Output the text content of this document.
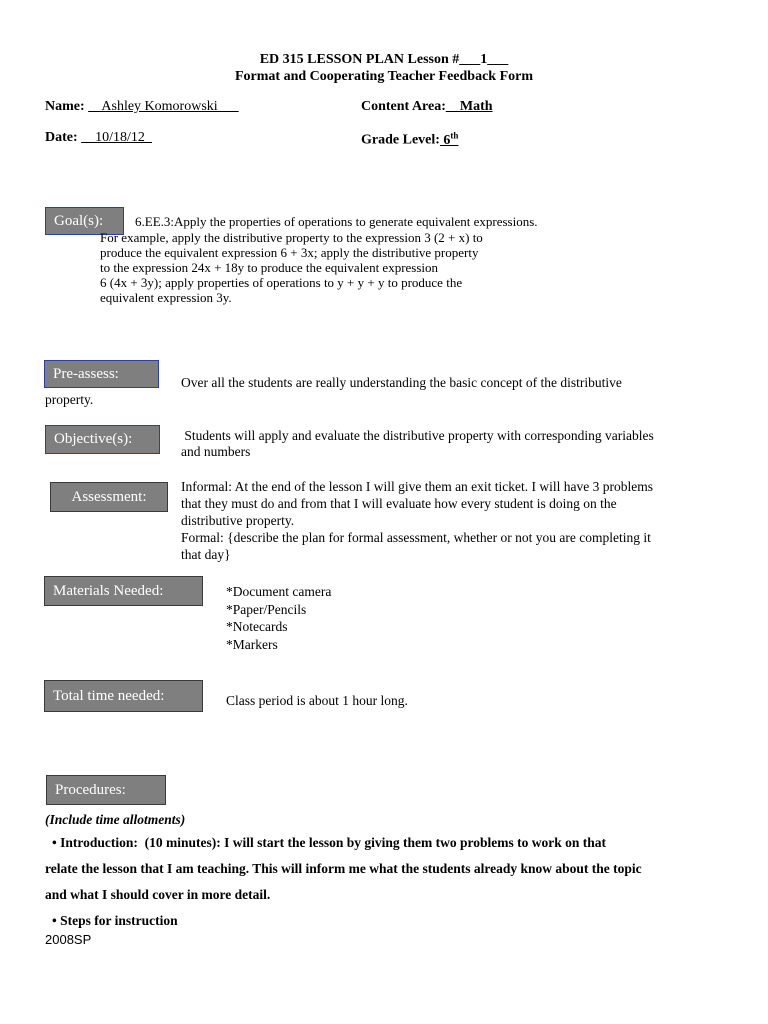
ED 315 LESSON PLAN Lesson #___1___
Format and Cooperating Teacher Feedback Form
Name:     Ashley Komorowski	Content Area:__Math
Date:     10/18/12	Grade Level: 6th
Goal(s): 6.EE.3:Apply the properties of operations to generate equivalent expressions.
For example, apply the distributive property to the expression 3 (2 + x) to
produce the equivalent expression 6 + 3x; apply the distributive property
to the expression 24x + 18y to produce the equivalent expression
6 (4x + 3y); apply properties of operations to y + y + y to produce the
equivalent expression 3y.
Pre-assess:
Over all the students are really understanding the basic concept of the distributive
property.
Objective(s):	Students will apply and evaluate the distributive property with corresponding variables
and numbers
Assessment:
Informal: At the end of the lesson I will give them an exit ticket. I will have 3 problems
that they must do and from that I will evaluate how every student is doing on the
distributive property.
Formal: {describe the plan for formal assessment, whether or not you are completing it
that day}
Materials Needed:	*Document camera
*Paper/Pencils
*Notecards
*Markers
Total time needed:	Class period is about 1 hour long.
Procedures:
(Include time allotments)
• Introduction:  (10 minutes): I will start the lesson by giving them two problems to work on that
relate the lesson that I am teaching. This will inform me what the students already know about the topic
and what I should cover in more detail.
• Steps for instruction
2008SP
